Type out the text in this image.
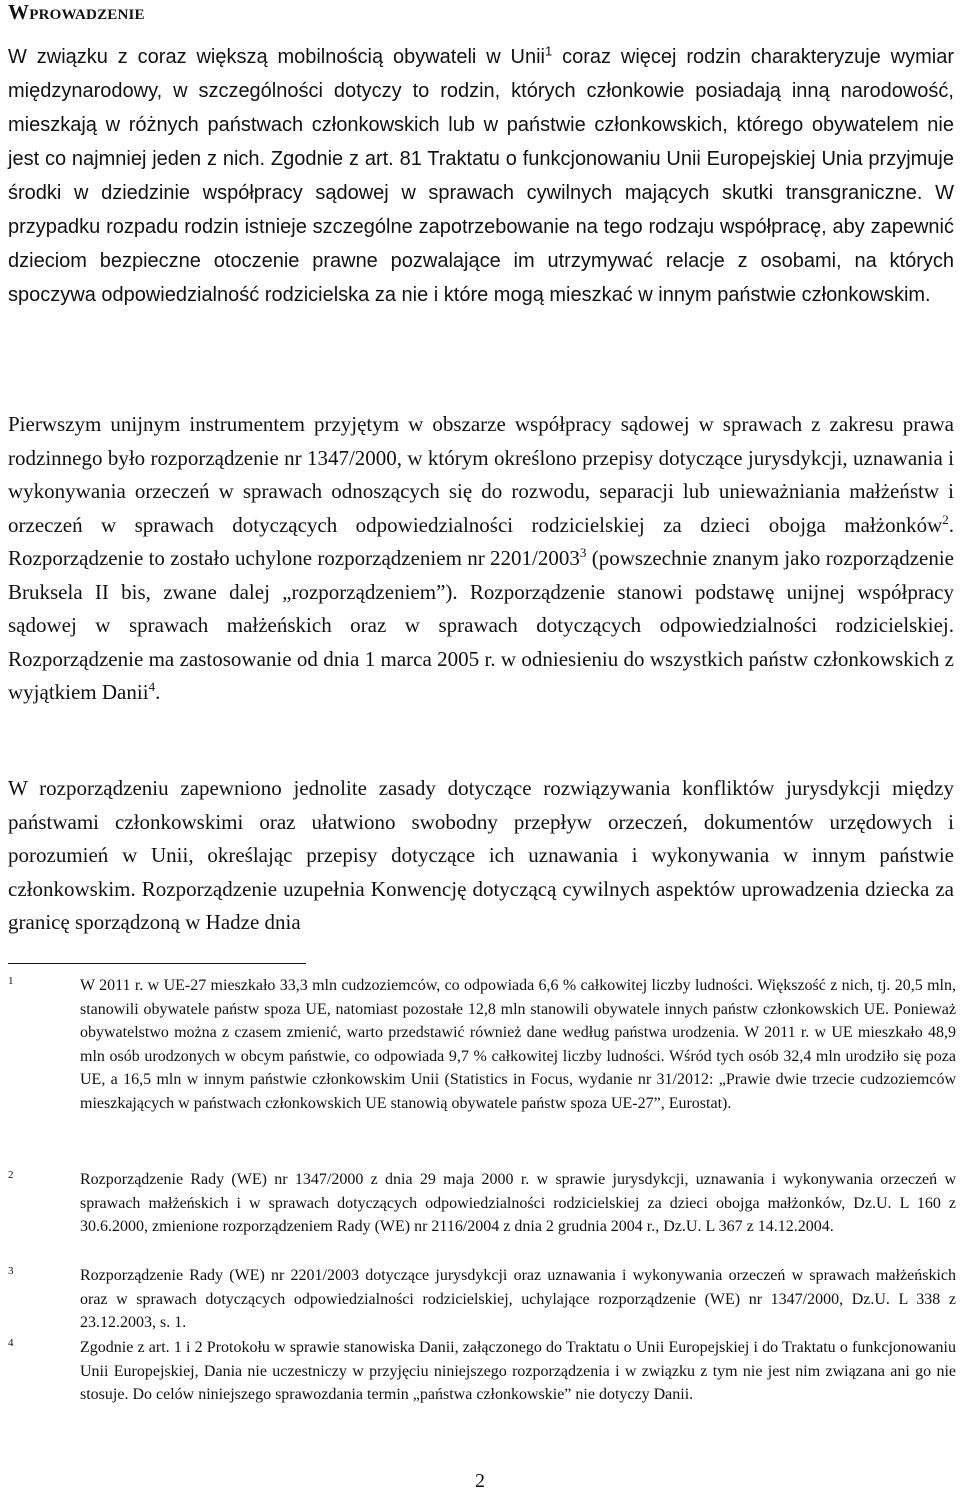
Wprowadzenie

W związku z coraz większą mobilnością obywateli w Unii$^1$ coraz więcej rodzin charakteryzuje wymiar międzynarodowy, w szczególności dotyczy to rodzin, których członkowie posiadają inną narodowość, mieszkają w różnych państwach członkowskich lub w państwie członkowskich, którego obywatelem nie jest co najmniej jeden z nich. Zgodnie z art. 81 Traktatu o funkcjonowaniu Unii Europejskiej Unia przyjmuje środki w dziedzinie współpracy sądowej w sprawach cywilnych mających skutki transgraniczne. W przypadku rozpadu rodzin istnieje szczególne zapotrzebowanie na tego rodzaju współpracę, aby zapewnić dzieciom bezpieczne otoczenie prawne pozwalające im utrzymywać relacje z osobami, na których spoczywa odpowiedzialność rodzicielska za nie i które mogą mieszkać w innym państwie członkowskim.

Pierwszym unijnym instrumentem przyjętym w obszarze współpracy sądowej w sprawach z zakresu prawa rodzinnego było rozporządzenie nr 1347/2000, w którym określono przepisy dotyczące jurysdykcji, uznawania i wykonywania orzeczeń w sprawach odnoszących się do rozwodu, separacji lub unieważniania małżeństw i orzeczeń w sprawach dotyczących odpowiedzialności rodzicielskiej za dzieci obojga małżonków$^2$. Rozporządzenie to zostało uchylone rozporządzeniem nr 2201/2003$^3$ (powszechnie znanym jako rozporządzenie Bruksela II bis, zwane dalej „rozporządzeniem”). Rozporządzenie stanowi podstawę unijnej współpracy sądowej w sprawach małżeńskich oraz w sprawach dotyczących odpowiedzialności rodzicielskiej. Rozporządzenie ma zastosowanie od dnia 1 marca 2005 r. w odniesieniu do wszystkich państw członkowskich z wyjątkiem Danii$^4$.

W rozporządzeniu zapewniono jednolite zasady dotyczące rozwiązywania konfliktów jurysdykcji między państwami członkowskimi oraz ułatwiono swobodny przepływ orzeczeń, dokumentów urzędowych i porozumień w Unii, określając przepisy dotyczące ich uznawania i wykonywania w innym państwie członkowskim. Rozporządzenie uzupełnia Konwencję dotyczącą cywilnych aspektów uprowadzenia dziecka za granicę sporządzoną w Hadze dnia

1	W 2011 r. w UE-27 mieszkało 33,3 mln cudzoziemców, co odpowiada 6,6 % całkowitej liczby ludności. Większość z nich, tj. 20,5 mln, stanowili obywatele państw spoza UE, natomiast pozostałe 12,8 mln stanowili obywatele innych państw członkowskich UE. Ponieważ obywatelstwo można z czasem zmienić, warto przedstawić również dane według państwa urodzenia. W 2011 r. w UE mieszkało 48,9 mln osób urodzonych w obcym państwie, co odpowiada 9,7 % całkowitej liczby ludności. Wśród tych osób 32,4 mln urodziło się poza UE, a 16,5 mln w innym państwie członkowskim Unii (Statistics in Focus, wydanie nr 31/2012: „Prawie dwie trzecie cudzoziemców mieszkających w państwach członkowskich UE stanowią obywatele państw spoza UE-27”, Eurostat).
2	Rozporządzenie Rady (WE) nr 1347/2000 z dnia 29 maja 2000 r. w sprawie jurysdykcji, uznawania i wykonywania orzeczeń w sprawach małżeńskich i w sprawach dotyczących odpowiedzialności rodzicielskiej za dzieci obojga małżonków, Dz.U. L 160 z 30.6.2000, zmienione rozporządzeniem Rady (WE) nr 2116/2004 z dnia 2 grudnia 2004 r., Dz.U. L 367 z 14.12.2004.
3	Rozporządzenie Rady (WE) nr 2201/2003 dotyczące jurysdykcji oraz uznawania i wykonywania orzeczeń w sprawach małżeńskich oraz w sprawach dotyczących odpowiedzialności rodzicielskiej, uchylające rozporządzenie (WE) nr 1347/2000, Dz.U. L 338 z 23.12.2003, s. 1.
4	Zgodnie z art. 1 i 2 Protokołu w sprawie stanowiska Danii, załączonego do Traktatu o Unii Europejskiej i do Traktatu o funkcjonowaniu Unii Europejskiej, Dania nie uczestniczy w przyjęciu niniejszego rozporządzenia i w związku z tym nie jest nim związana ani go nie stosuje. Do celów niniejszego sprawozdania termin „państwa członkowskie” nie dotyczy Danii.
2
